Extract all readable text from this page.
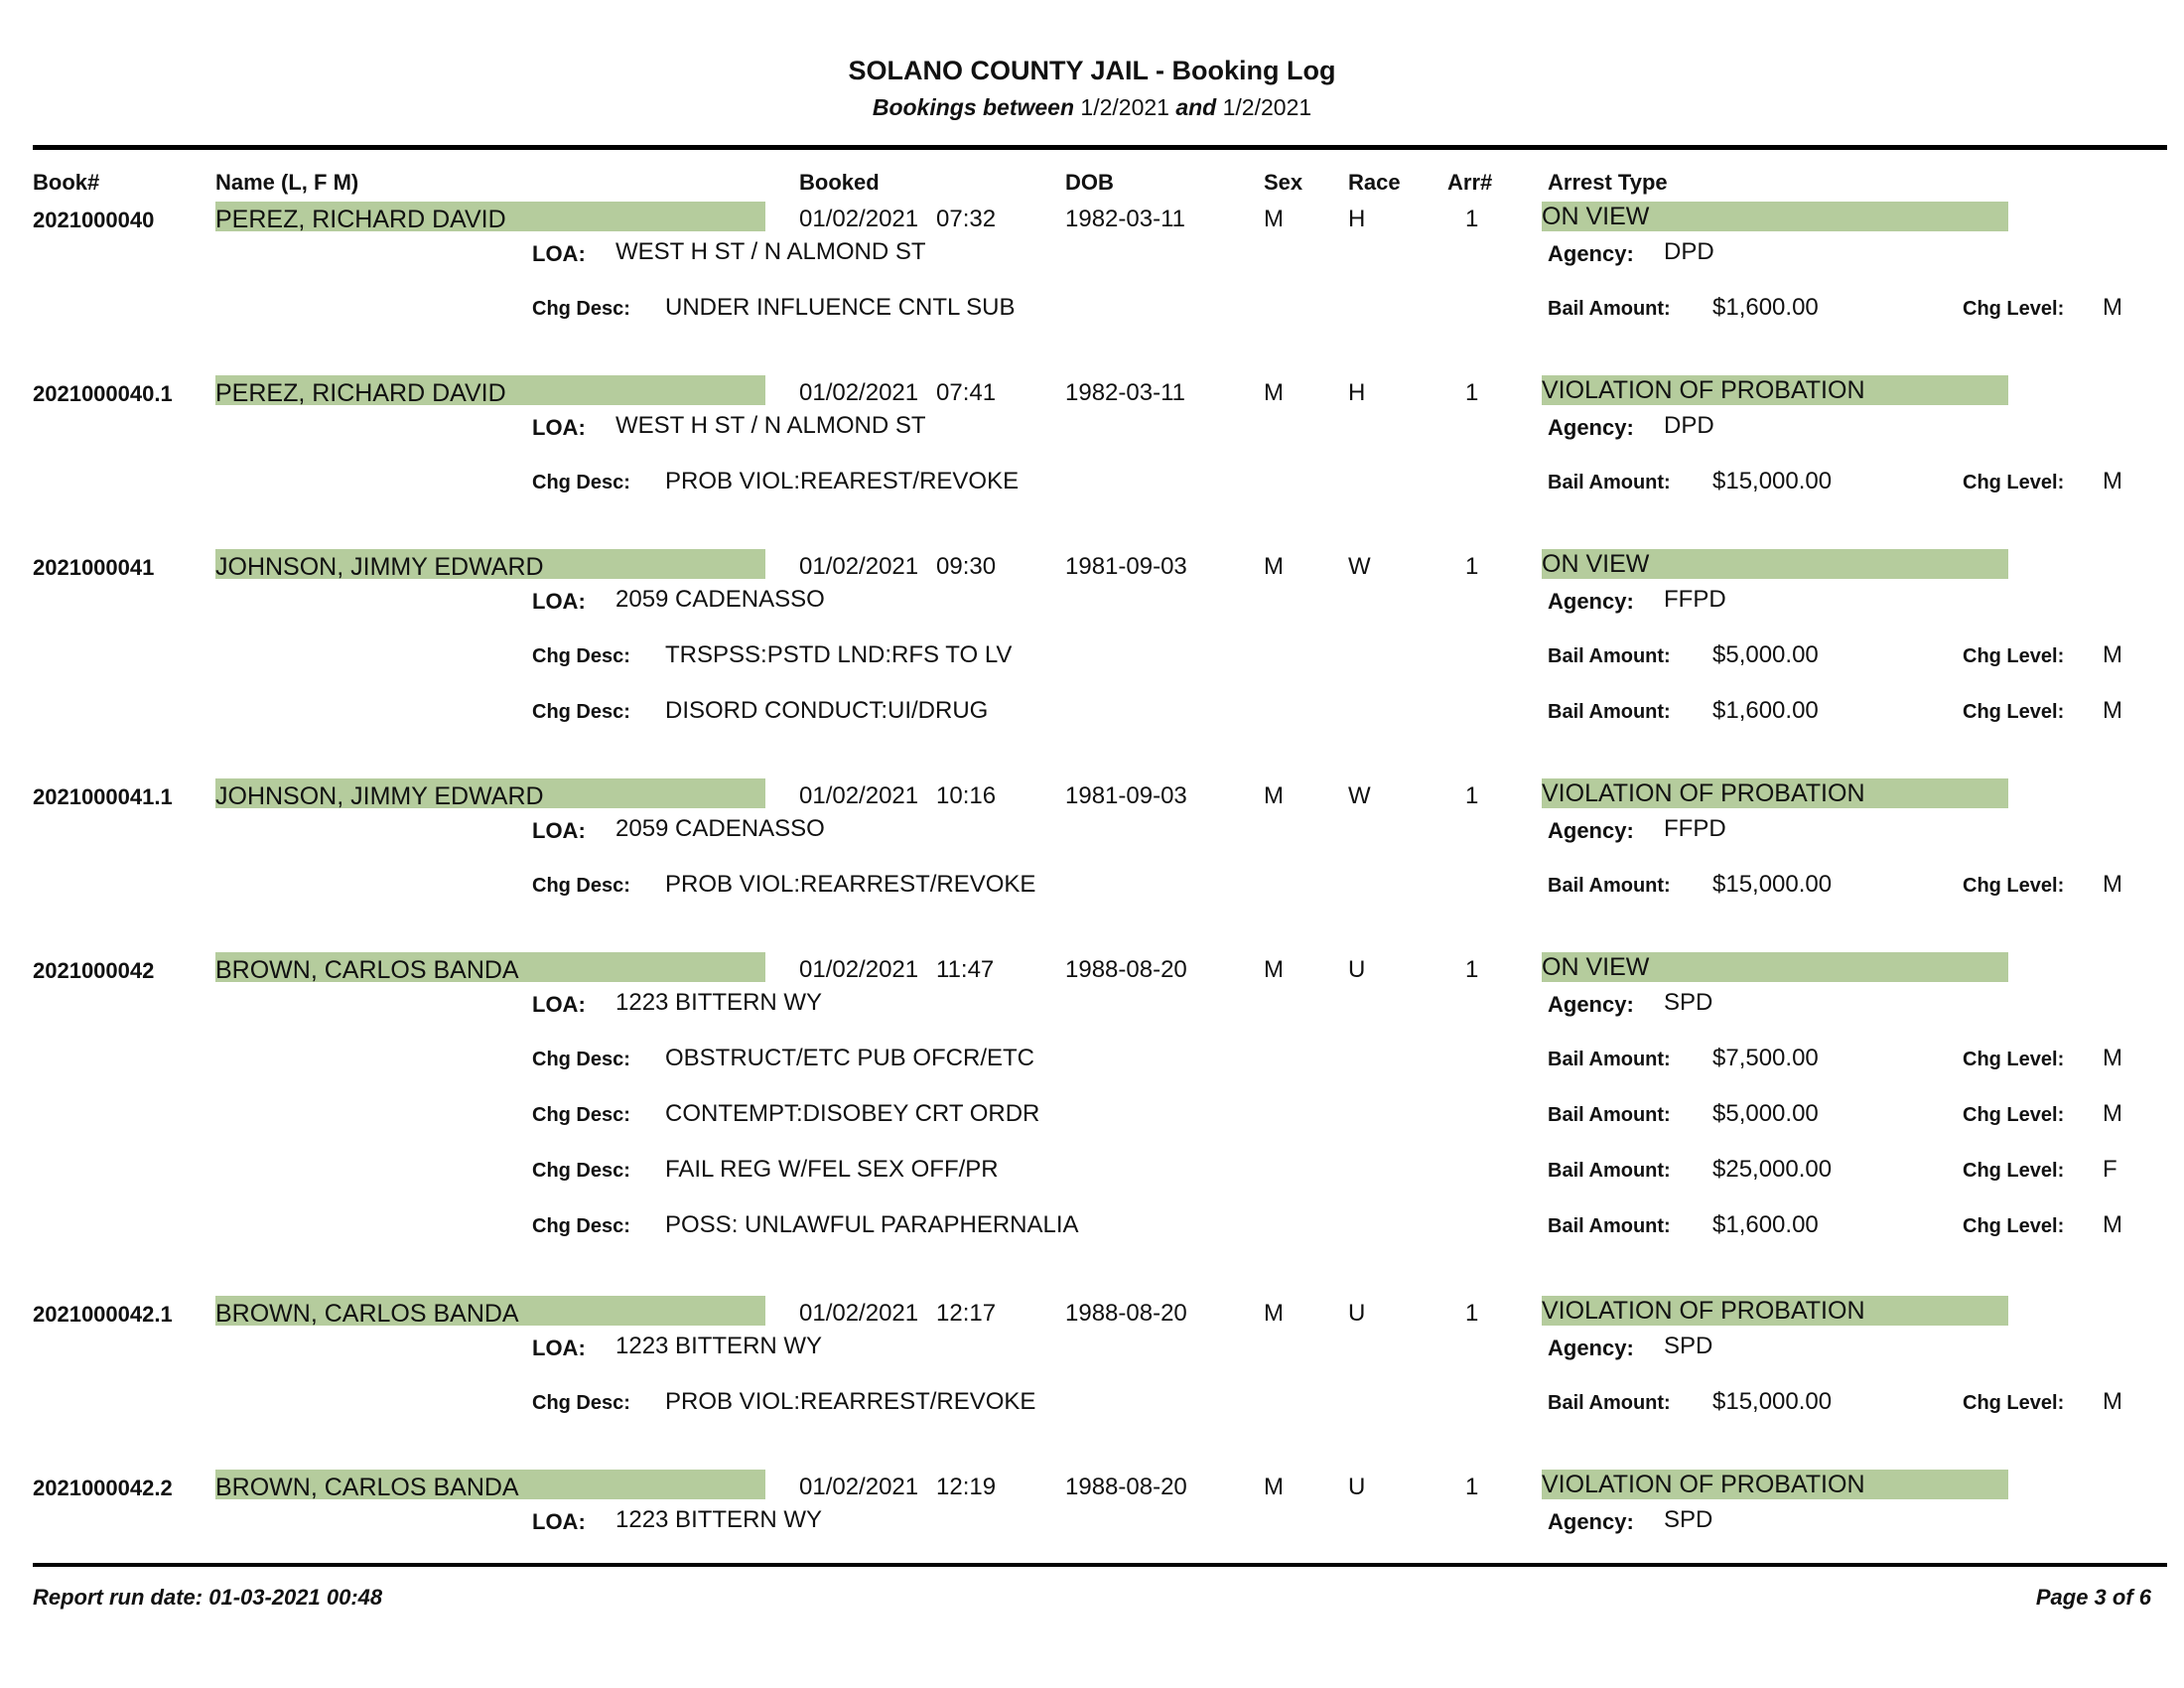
SOLANO COUNTY JAIL - Booking Log
Bookings between 1/2/2021 and 1/2/2021
Book#	Name (L, F M)	Booked	DOB	Sex Race Arr#	Arrest Type
2021000040 PEREZ, RICHARD DAVID	01/02/2021 07:32	1982-03-11	M	H	1	ON VIEW
LOA: WEST H ST / N ALMOND ST	Agency: DPD
Chg Desc: UNDER INFLUENCE CNTL SUB	Bail Amount: $1,600.00	Chg Level: M
2021000040.1 PEREZ, RICHARD DAVID	01/02/2021 07:41	1982-03-11	M	H	1	VIOLATION OF PROBATION
LOA: WEST H ST / N ALMOND ST	Agency: DPD
Chg Desc: PROB VIOL:REAREST/REVOKE	Bail Amount: $15,000.00	Chg Level: M
2021000041 JOHNSON, JIMMY EDWARD	01/02/2021 09:30	1981-09-03	M	W	1	ON VIEW
LOA: 2059 CADENASSO	Agency: FFPD
Chg Desc: TRSPSS:PSTD LND:RFS TO LV	Bail Amount: $5,000.00	Chg Level: M
Chg Desc: DISORD CONDUCT:UI/DRUG	Bail Amount: $1,600.00	Chg Level: M
2021000041.1 JOHNSON, JIMMY EDWARD	01/02/2021 10:16	1981-09-03	M	W	1	VIOLATION OF PROBATION
LOA: 2059 CADENASSO	Agency: FFPD
Chg Desc: PROB VIOL:REARREST/REVOKE	Bail Amount: $15,000.00	Chg Level: M
2021000042 BROWN, CARLOS BANDA	01/02/2021 11:47	1988-08-20	M	U	1	ON VIEW
LOA: 1223 BITTERN WY	Agency: SPD
Chg Desc: OBSTRUCT/ETC PUB OFCR/ETC	Bail Amount: $7,500.00	Chg Level: M
Chg Desc: CONTEMPT:DISOBEY CRT ORDR	Bail Amount: $5,000.00	Chg Level: M
Chg Desc: FAIL REG W/FEL SEX OFF/PR	Bail Amount: $25,000.00	Chg Level: F
Chg Desc: POSS: UNLAWFUL PARAPHERNALIA	Bail Amount: $1,600.00	Chg Level: M
2021000042.1 BROWN, CARLOS BANDA	01/02/2021 12:17	1988-08-20	M	U	1	VIOLATION OF PROBATION
LOA: 1223 BITTERN WY	Agency: SPD
Chg Desc: PROB VIOL:REARREST/REVOKE	Bail Amount: $15,000.00	Chg Level: M
2021000042.2 BROWN, CARLOS BANDA	01/02/2021 12:19	1988-08-20	M	U	1	VIOLATION OF PROBATION
LOA: 1223 BITTERN WY	Agency: SPD
Report run date: 01-03-2021 00:48	Page 3 of 6
